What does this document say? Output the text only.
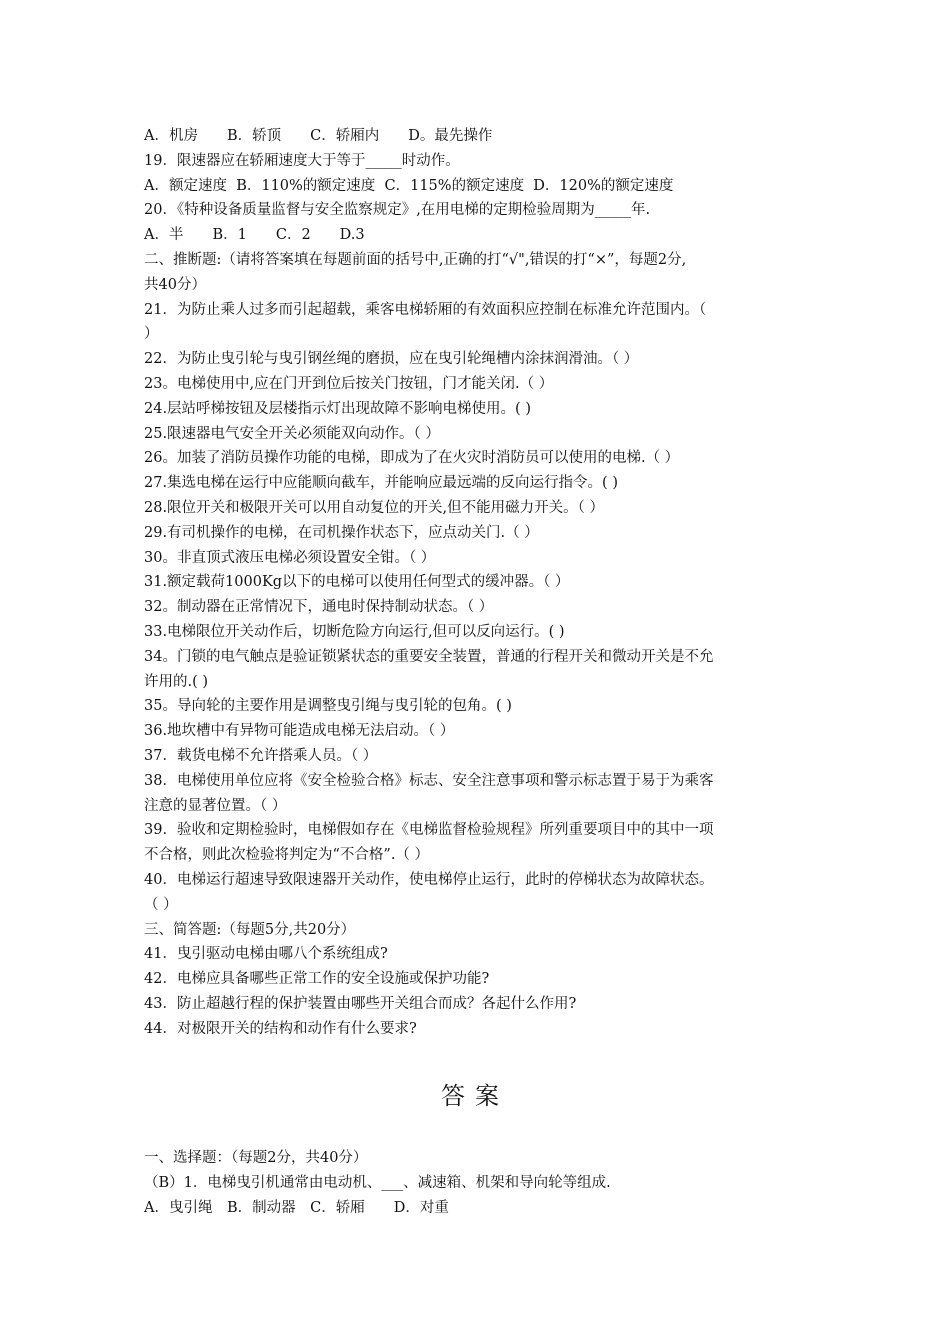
A．机房　　B．轿顶　　C．轿厢内　　D。最先操作

19．限速器应在轿厢速度大于等于_____时动作。

A．额定速度  B．110%的额定速度  C．115%的额定速度  D．120%的额定速度

20．《特种设备质量监督与安全监察规定》,在用电梯的定期检验周期为_____年.

A．半　　B．1　　C．2　　D.3

二、推断题:（请将答案填在每题前面的括号中,正确的打“√",错误的打“×”，每题2分,

共40分）

21．为防止乘人过多而引起超载，乘客电梯轿厢的有效面积应控制在标准允许范围内。（

）

22．为防止曳引轮与曳引钢丝绳的磨损，应在曳引轮绳槽内涂抹润滑油。（ ）

23。电梯使用中,应在门开到位后按关门按钮，门才能关闭.（ ）

24.层站呼梯按钮及层楼指示灯出现故障不影响电梯使用。( )

25.限速器电气安全开关必须能双向动作。（ ）

26。加装了消防员操作功能的电梯，即成为了在火灾时消防员可以使用的电梯.（ ）

27.集选电梯在运行中应能顺向截车，并能响应最远端的反向运行指令。( )

28.限位开关和极限开关可以用自动复位的开关,但不能用磁力开关。（ ）

29.有司机操作的电梯，在司机操作状态下，应点动关门.（ ）

30。非直顶式液压电梯必须设置安全钳。（ ）

31.额定载荷1000Kg以下的电梯可以使用任何型式的缓冲器。（ ）

32。制动器在正常情况下，通电时保持制动状态。（ ）

33.电梯限位开关动作后，切断危险方向运行,但可以反向运行。( )

34。门锁的电气触点是验证锁紧状态的重要安全装置，普通的行程开关和微动开关是不允

许用的.( )

35。导向轮的主要作用是调整曳引绳与曳引轮的包角。( )

36.地坎槽中有异物可能造成电梯无法启动。（ ）

37．载货电梯不允许搭乘人员。（ ）

38．电梯使用单位应将《安全检验合格》标志、安全注意事项和警示标志置于易于为乘客

注意的显著位置。（ ）

39．验收和定期检验时，电梯假如存在《电梯监督检验规程》所列重要项目中的其中一项

不合格，则此次检验将判定为“不合格”.（ ）

40．电梯运行超速导致限速器开关动作，使电梯停止运行，此时的停梯状态为故障状态。

（ ）

三、简答题:（每题5分,共20分）

41．曳引驱动电梯由哪八个系统组成?

42．电梯应具备哪些正常工作的安全设施或保护功能?

43．防止超越行程的保护装置由哪些开关组合而成？各起什么作用?

44．对极限开关的结构和动作有什么要求?

答案

一、选择题：（每题2分，共40分）

（B）1．电梯曳引机通常由电动机、___、减速箱、机架和导向轮等组成.

A．曳引绳　B．制动器　C．轿厢　　D．对重
